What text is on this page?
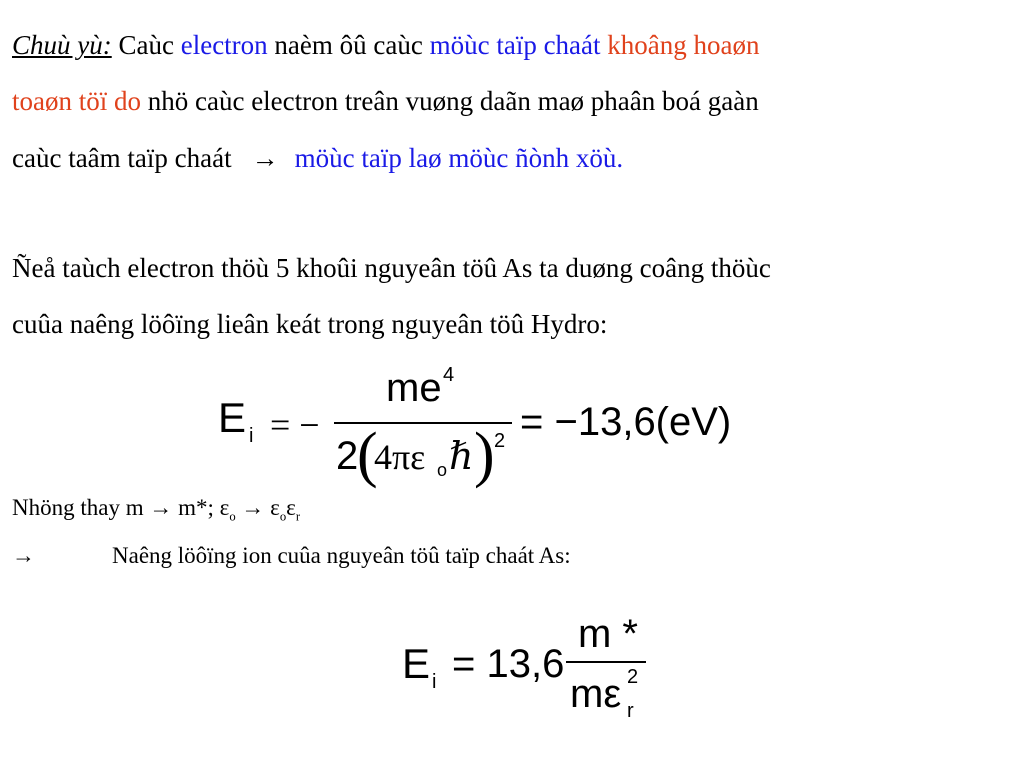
Chuù yù: Caùc electron naèm ôû caùc möùc taïp chaát khoâng hoaøn
toaøn töï do nhö caùc electron treân vuøng daãn maø phaân boá gaàn
caùc taâm taïp chaát → möùc taïp laø möùc ñònh xöù.
Ñeå taùch electron thöù 5 khoûi nguyeân töû As ta duøng coâng thöùc
cuûa naêng löôïng lieân keát trong nguyeân töû Hydro:
E i = −
me 4
2
(
4πε o ℏ ) 2 = −13,6(eV)
Nhöng thay m → m*; $\varepsilon_o \to \varepsilon_o\varepsilon_r$
→	Naêng löôïng ion cuûa nguyeân töû taïp chaát As:
E i = 13,6
m *
mε 2
r
